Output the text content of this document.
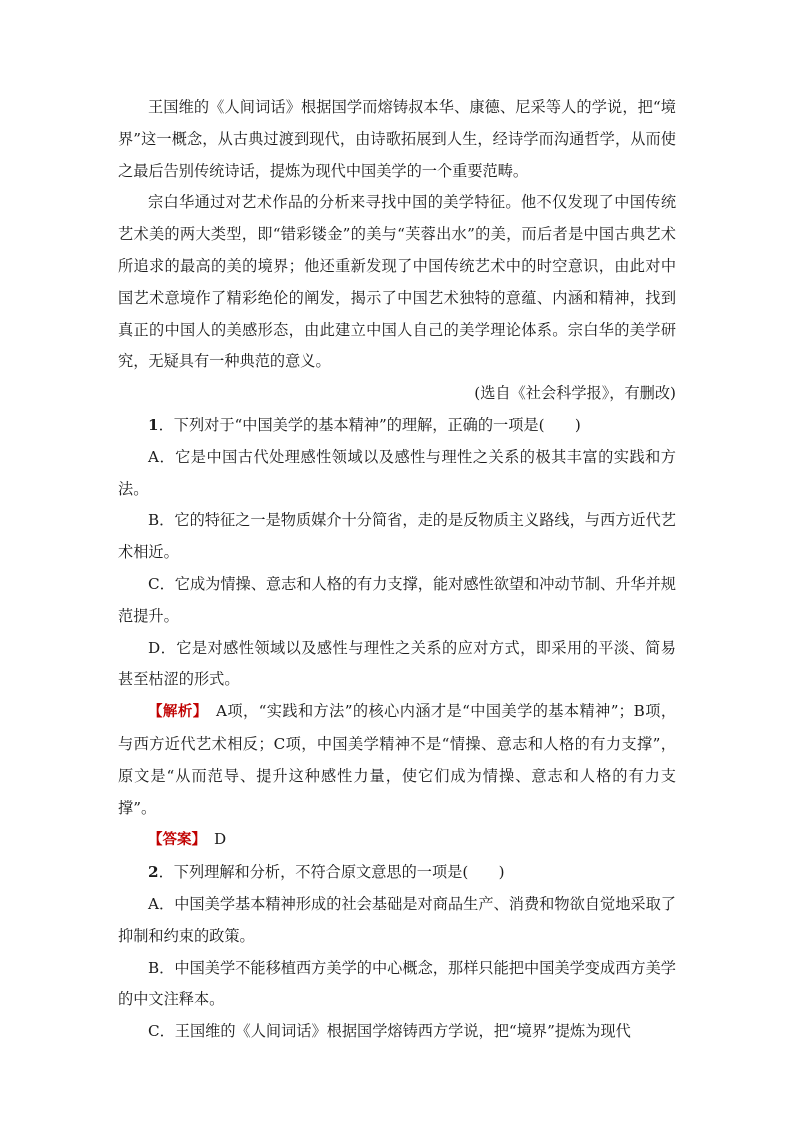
王国维的《人间词话》根据国学而熔铸叔本华、康德、尼采等人的学说，把“境界”这一概念，从古典过渡到现代，由诗歌拓展到人生，经诗学而沟通哲学，从而使之最后告别传统诗话，提炼为现代中国美学的一个重要范畴。

宗白华通过对艺术作品的分析来寻找中国的美学特征。他不仅发现了中国传统艺术美的两大类型，即“错彩镂金”的美与“芙蓉出水”的美，而后者是中国古典艺术所追求的最高的美的境界；他还重新发现了中国传统艺术中的时空意识，由此对中国艺术意境作了精彩绝伦的阐发，揭示了中国艺术独特的意蕴、内涵和精神，找到真正的中国人的美感形态，由此建立中国人自己的美学理论体系。宗白华的美学研究，无疑具有一种典范的意义。

(选自《社会科学报》，有删改)

1．下列对于“中国美学的基本精神”的理解，正确的一项是(　　)

A．它是中国古代处理感性领域以及感性与理性之关系的极其丰富的实践和方法。

B．它的特征之一是物质媒介十分简省，走的是反物质主义路线，与西方近代艺术相近。

C．它成为情操、意志和人格的有力支撑，能对感性欲望和冲动节制、升华并规范提升。

D．它是对感性领域以及感性与理性之关系的应对方式，即采用的平淡、简易甚至枯涩的形式。

【解析】　A项，“实践和方法”的核心内涵才是“中国美学的基本精神”；B项，与西方近代艺术相反；C项，中国美学精神不是“情操、意志和人格的有力支撑”，原文是“从而范导、提升这种感性力量，使它们成为情操、意志和人格的有力支撑”。

【答案】　D

2．下列理解和分析，不符合原文意思的一项是(　　)

A．中国美学基本精神形成的社会基础是对商品生产、消费和物欲自觉地采取了抑制和约束的政策。

B．中国美学不能移植西方美学的中心概念，那样只能把中国美学变成西方美学的中文注释本。

C．王国维的《人间词话》根据国学熔铸西方学说，把“境界”提炼为现代
